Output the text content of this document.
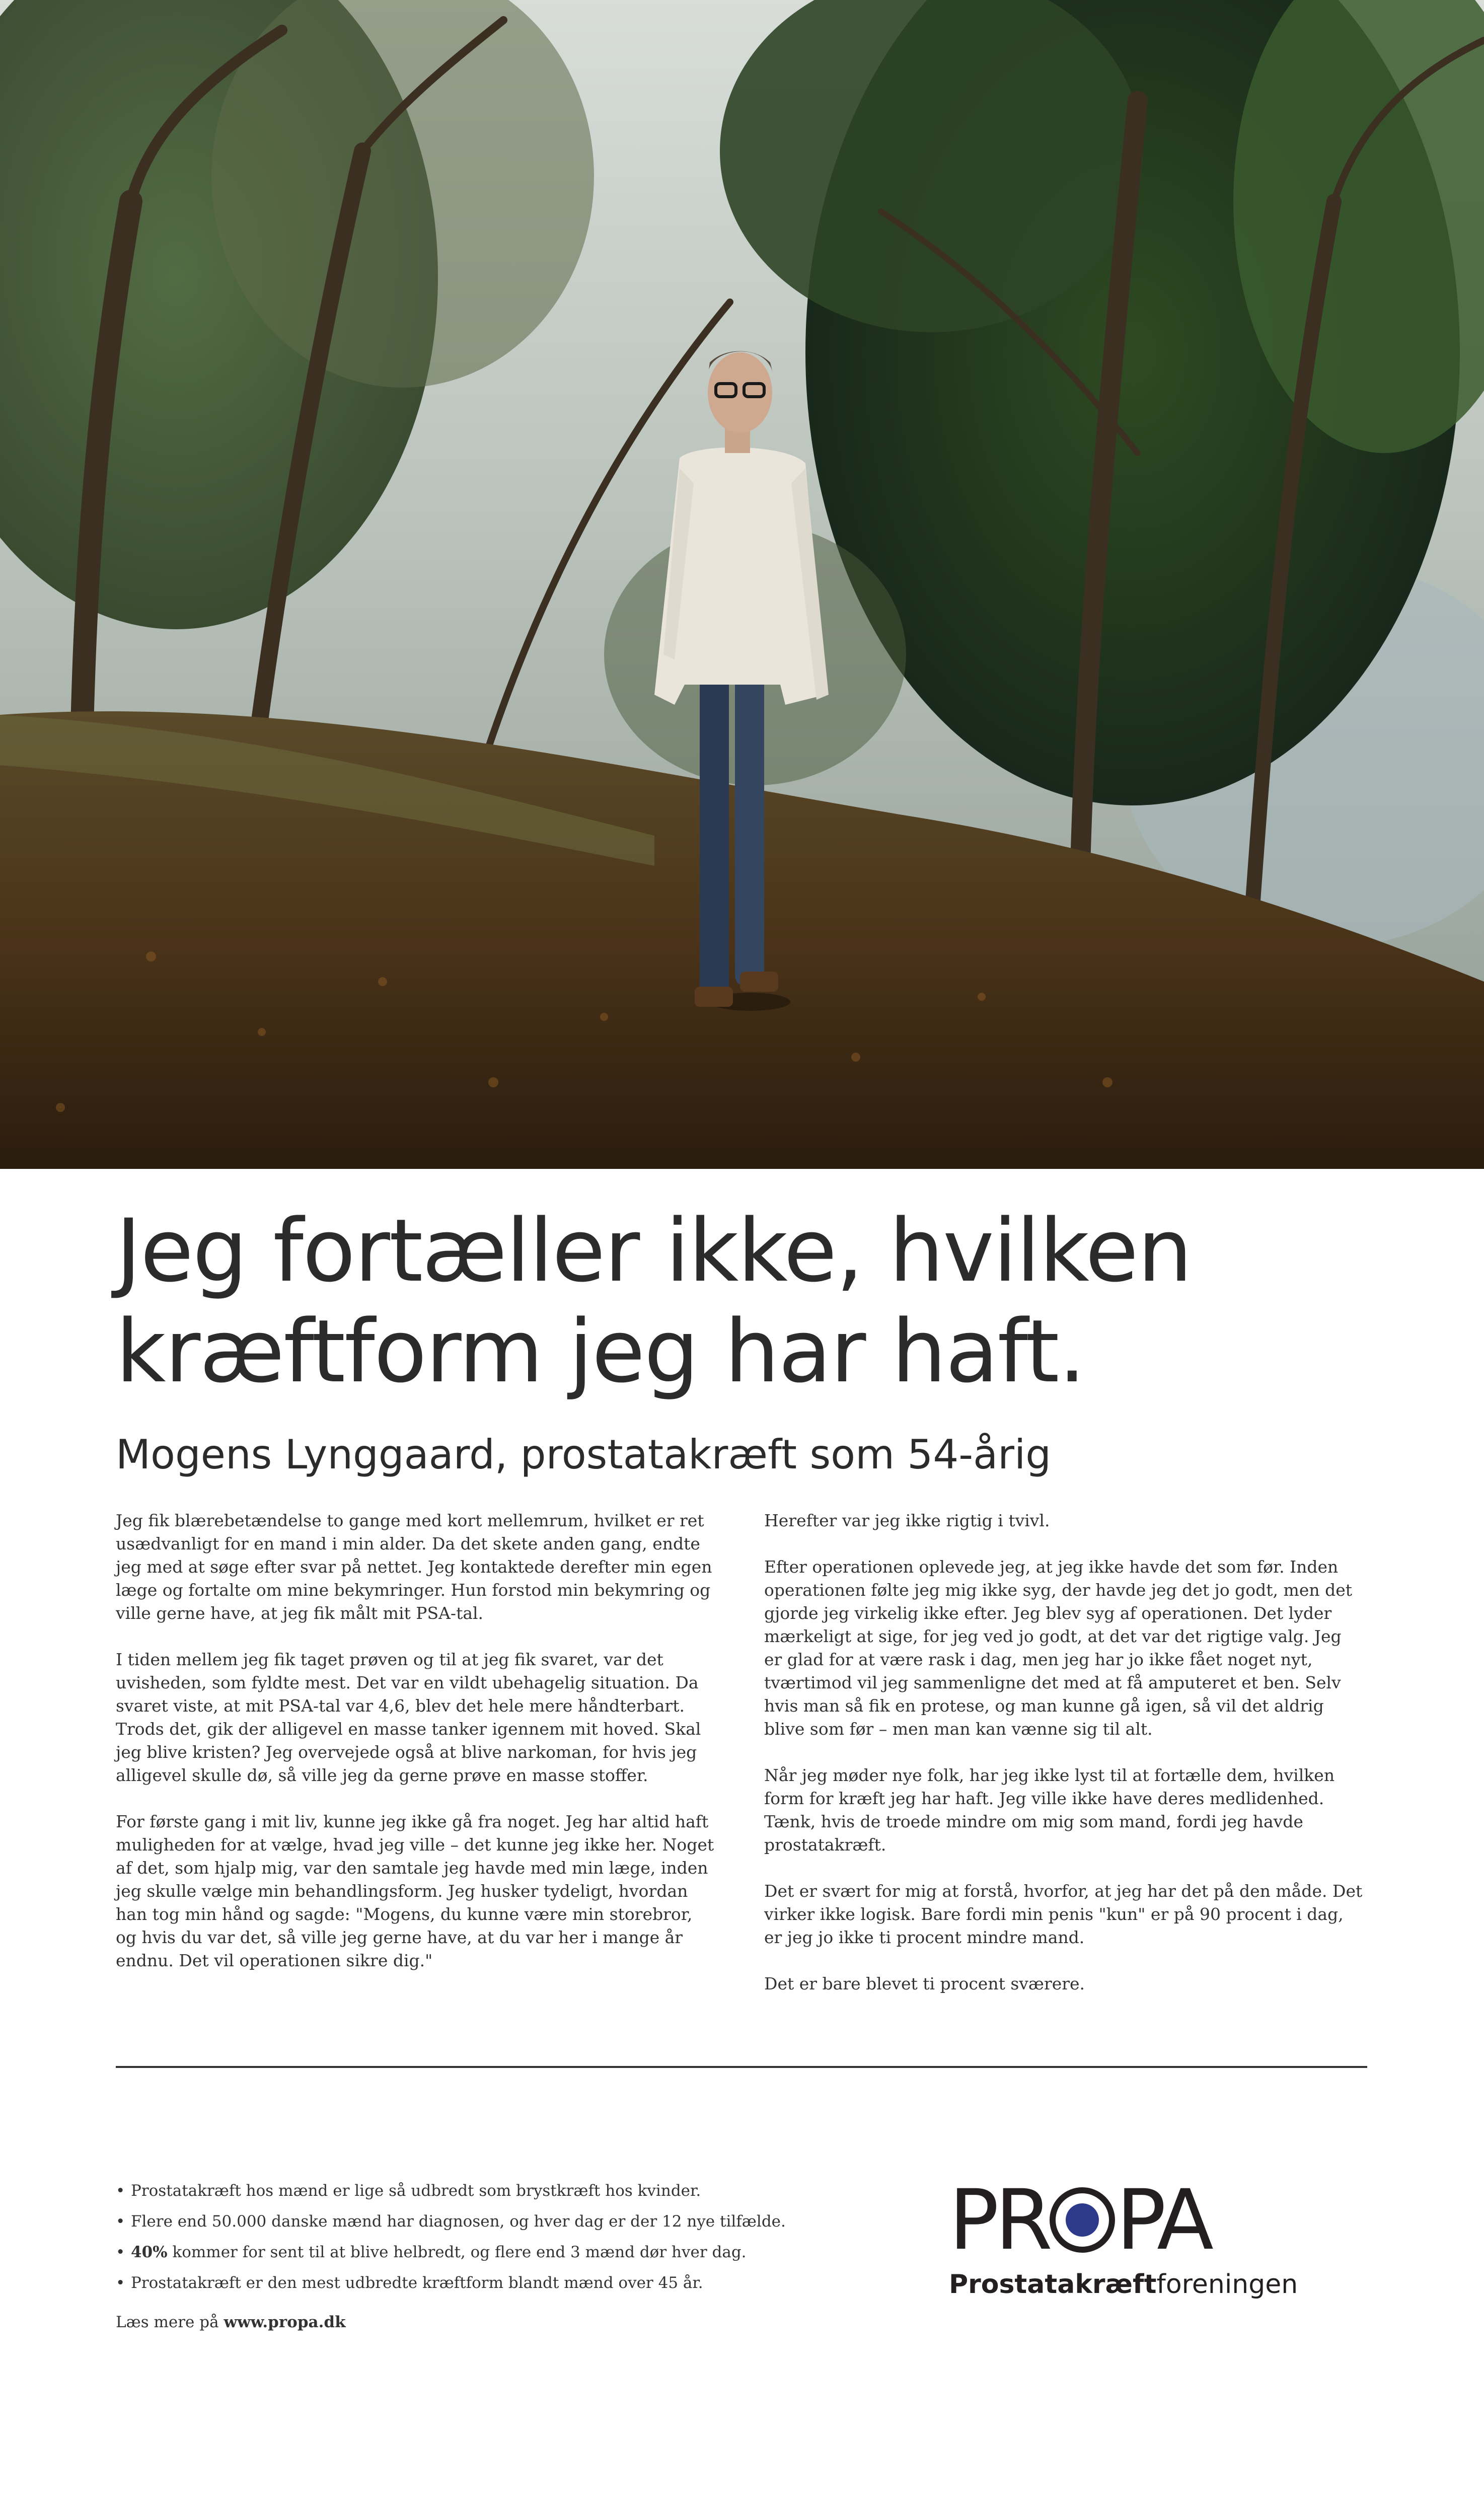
Jeg fortæller ikke, hvilken
kræftform jeg har haft.
Mogens Lynggaard, prostatakræft som 54-årig

Jeg fik blærebetændelse to gange med kort mellemrum, hvilket er ret usædvanligt for en mand i min alder. Da det skete anden gang, endte jeg med at søge efter svar på nettet. Jeg kontaktede derefter min egen læge og fortalte om mine bekymringer. Hun forstod min bekymring og ville gerne have, at jeg fik målt mit PSA-tal.

I tiden mellem jeg fik taget prøven og til at jeg fik svaret, var det uvisheden, som fyldte mest. Det var en vildt ubehagelig situation. Da svaret viste, at mit PSA-tal var 4,6, blev det hele mere håndterbart. Trods det, gik der alligevel en masse tanker igennem mit hoved. Skal jeg blive kristen? Jeg overvejede også at blive narkoman, for hvis jeg alligevel skulle dø, så ville jeg da gerne prøve en masse stoffer.

For første gang i mit liv, kunne jeg ikke gå fra noget. Jeg har altid haft muligheden for at vælge, hvad jeg ville – det kunne jeg ikke her. Noget af det, som hjalp mig, var den samtale jeg havde med min læge, inden jeg skulle vælge min behandlingsform. Jeg husker tydeligt, hvordan han tog min hånd og sagde: "Mogens, du kunne være min storebror, og hvis du var det, så ville jeg gerne have, at du var her i mange år endnu. Det vil operationen sikre dig."

Herefter var jeg ikke rigtig i tvivl.

Efter operationen oplevede jeg, at jeg ikke havde det som før. Inden operationen følte jeg mig ikke syg, der havde jeg det jo godt, men det gjorde jeg virkelig ikke efter. Jeg blev syg af operationen. Det lyder mærkeligt at sige, for jeg ved jo godt, at det var det rigtige valg. Jeg er glad for at være rask i dag, men jeg har jo ikke fået noget nyt, tværtimod vil jeg sammenligne det med at få amputeret et ben. Selv hvis man så fik en protese, og man kunne gå igen, så vil det aldrig blive som før – men man kan vænne sig til alt.

Når jeg møder nye folk, har jeg ikke lyst til at fortælle dem, hvilken form for kræft jeg har haft. Jeg ville ikke have deres medlidenhed. Tænk, hvis de troede mindre om mig som mand, fordi jeg havde prostatakræft.

Det er svært for mig at forstå, hvorfor, at jeg har det på den måde. Det virker ikke logisk. Bare fordi min penis "kun" er på 90 procent i dag, er jeg jo ikke ti procent mindre mand.

Det er bare blevet ti procent sværere.

• Prostatakræft hos mænd er lige så udbredt som brystkræft hos kvinder.
• Flere end 50.000 danske mænd har diagnosen, og hver dag er der 12 nye tilfælde.
• 40% kommer for sent til at blive helbredt, og flere end 3 mænd dør hver dag.
• Prostatakræft er den mest udbredte kræftform blandt mænd over 45 år.
Læs mere på www.propa.dk
PR PA
Prostatakræftforeningen
